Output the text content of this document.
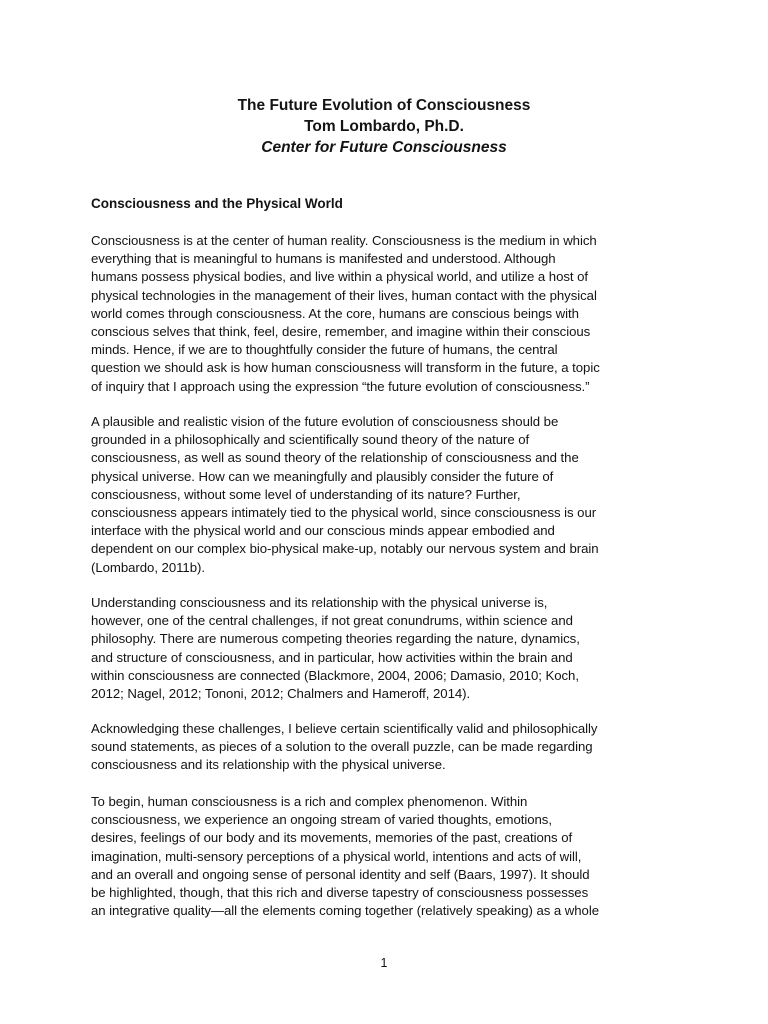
The Future Evolution of Consciousness

Tom Lombardo, Ph.D.

Center for Future Consciousness

Consciousness and the Physical World

Consciousness is at the center of human reality. Consciousness is the medium in which
everything that is meaningful to humans is manifested and understood. Although
humans possess physical bodies, and live within a physical world, and utilize a host of
physical technologies in the management of their lives, human contact with the physical
world comes through consciousness. At the core, humans are conscious beings with
conscious selves that think, feel, desire, remember, and imagine within their conscious
minds. Hence, if we are to thoughtfully consider the future of humans, the central
question we should ask is how human consciousness will transform in the future, a topic
of inquiry that I approach using the expression “the future evolution of consciousness.”

A plausible and realistic vision of the future evolution of consciousness should be
grounded in a philosophically and scientifically sound theory of the nature of
consciousness, as well as sound theory of the relationship of consciousness and the
physical universe. How can we meaningfully and plausibly consider the future of
consciousness, without some level of understanding of its nature? Further,
consciousness appears intimately tied to the physical world, since consciousness is our
interface with the physical world and our conscious minds appear embodied and
dependent on our complex bio-physical make-up, notably our nervous system and brain
(Lombardo, 2011b).

Understanding consciousness and its relationship with the physical universe is,
however, one of the central challenges, if not great conundrums, within science and
philosophy. There are numerous competing theories regarding the nature, dynamics,
and structure of consciousness, and in particular, how activities within the brain and
within consciousness are connected (Blackmore, 2004, 2006; Damasio, 2010; Koch,
2012; Nagel, 2012; Tononi, 2012; Chalmers and Hameroff, 2014).

Acknowledging these challenges, I believe certain scientifically valid and philosophically
sound statements, as pieces of a solution to the overall puzzle, can be made regarding
consciousness and its relationship with the physical universe.

To begin, human consciousness is a rich and complex phenomenon. Within
consciousness, we experience an ongoing stream of varied thoughts, emotions,
desires, feelings of our body and its movements, memories of the past, creations of
imagination, multi-sensory perceptions of a physical world, intentions and acts of will,
and an overall and ongoing sense of personal identity and self (Baars, 1997). It should
be highlighted, though, that this rich and diverse tapestry of consciousness possesses
an integrative quality—all the elements coming together (relatively speaking) as a whole

1
